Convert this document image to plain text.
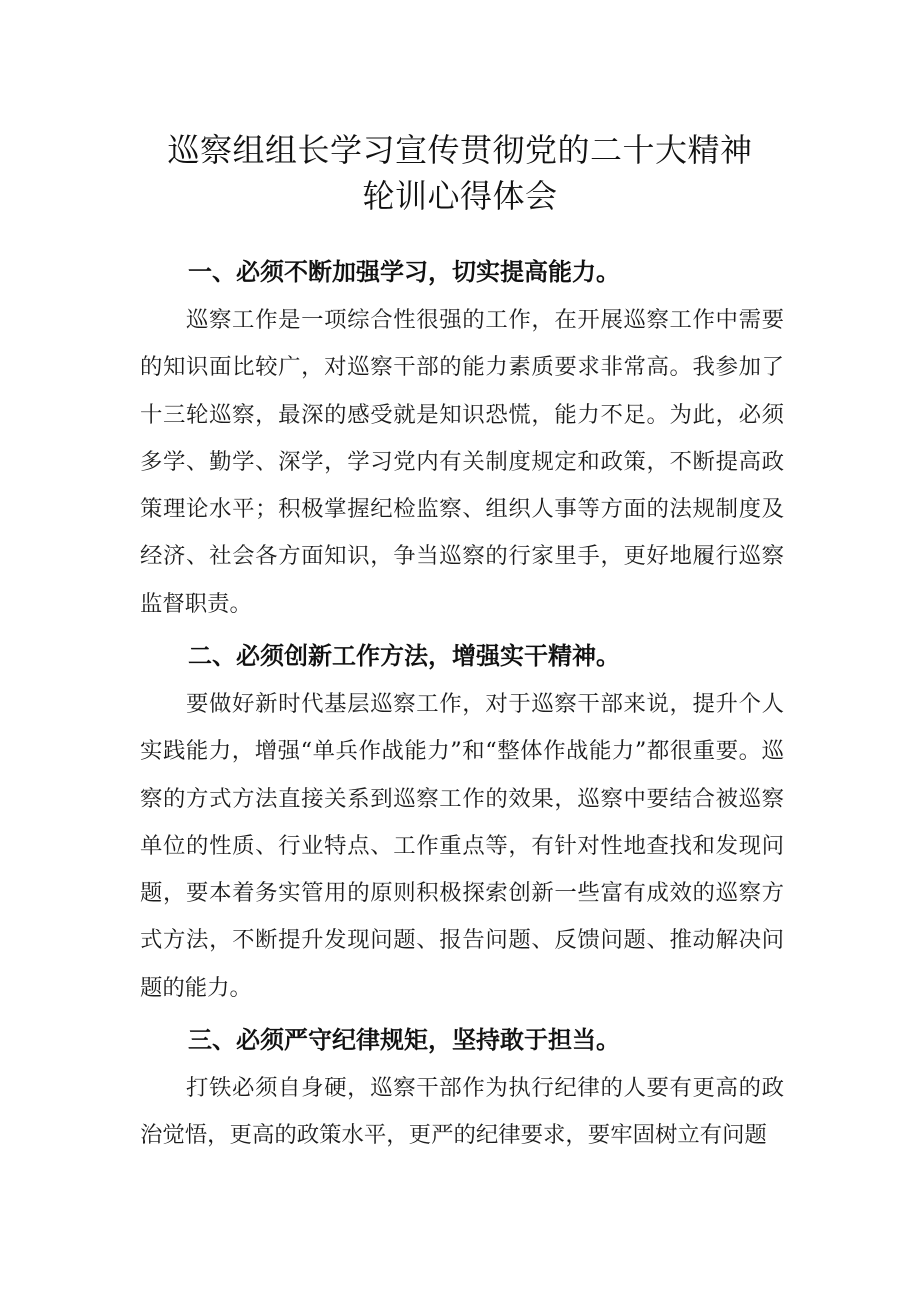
巡察组组长学习宣传贯彻党的二十大精神
轮训心得体会
一、必须不断加强学习，切实提高能力。

巡察工作是一项综合性很强的工作，在开展巡察工作中需要的知识面比较广，对巡察干部的能力素质要求非常高。我参加了十三轮巡察，最深的感受就是知识恐慌，能力不足。为此，必须多学、勤学、深学，学习党内有关制度规定和政策，不断提高政策理论水平；积极掌握纪检监察、组织人事等方面的法规制度及经济、社会各方面知识，争当巡察的行家里手，更好地履行巡察监督职责。

二、必须创新工作方法，增强实干精神。

要做好新时代基层巡察工作，对于巡察干部来说，提升个人实践能力，增强“单兵作战能力”和“整体作战能力”都很重要。巡察的方式方法直接关系到巡察工作的效果，巡察中要结合被巡察单位的性质、行业特点、工作重点等，有针对性地查找和发现问题，要本着务实管用的原则积极探索创新一些富有成效的巡察方式方法，不断提升发现问题、报告问题、反馈问题、推动解决问题的能力。

三、必须严守纪律规矩，坚持敢于担当。

打铁必须自身硬，巡察干部作为执行纪律的人要有更高的政治觉悟，更高的政策水平，更严的纪律要求，要牢固树立有问题
